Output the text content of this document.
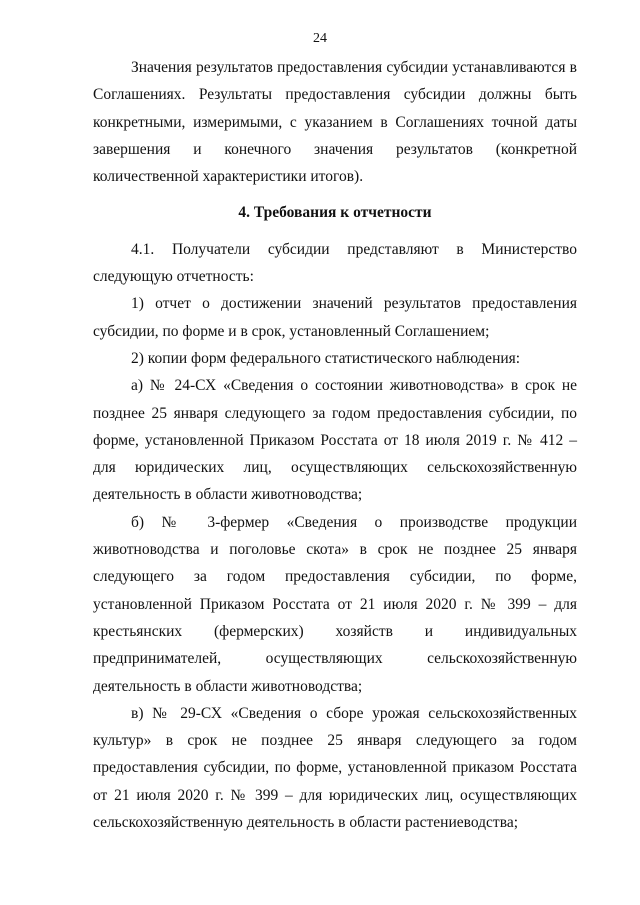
24

Значения результатов предоставления субсидии устанавливаются в Соглашениях. Результаты предоставления субсидии должны быть конкретными, измеримыми, с указанием в Соглашениях точной даты завершения и конечного значения результатов (конкретной количественной характеристики итогов).

4. Требования к отчетности

4.1. Получатели субсидии представляют в Министерство следующую отчетность:

1) отчет о достижении значений результатов предоставления субсидии, по форме и в срок, установленный Соглашением;

2) копии форм федерального статистического наблюдения:

а) № 24-СХ «Сведения о состоянии животноводства» в срок не позднее 25 января следующего за годом предоставления субсидии, по форме, установленной Приказом Росстата от 18 июля 2019 г. № 412 – для юридических лиц, осуществляющих сельскохозяйственную деятельность в области животноводства;

б) № 3-фермер «Сведения о производстве продукции животноводства и поголовье скота» в срок не позднее 25 января следующего за годом предоставления субсидии, по форме, установленной Приказом Росстата от 21 июля 2020 г. № 399 – для крестьянских (фермерских) хозяйств и индивидуальных предпринимателей, осуществляющих сельскохозяйственную деятельность в области животноводства;

в) № 29-СХ «Сведения о сборе урожая сельскохозяйственных культур» в срок не позднее 25 января следующего за годом предоставления субсидии, по форме, установленной приказом Росстата от 21 июля 2020 г. № 399 – для юридических лиц, осуществляющих сельскохозяйственную деятельность в области растениеводства;
